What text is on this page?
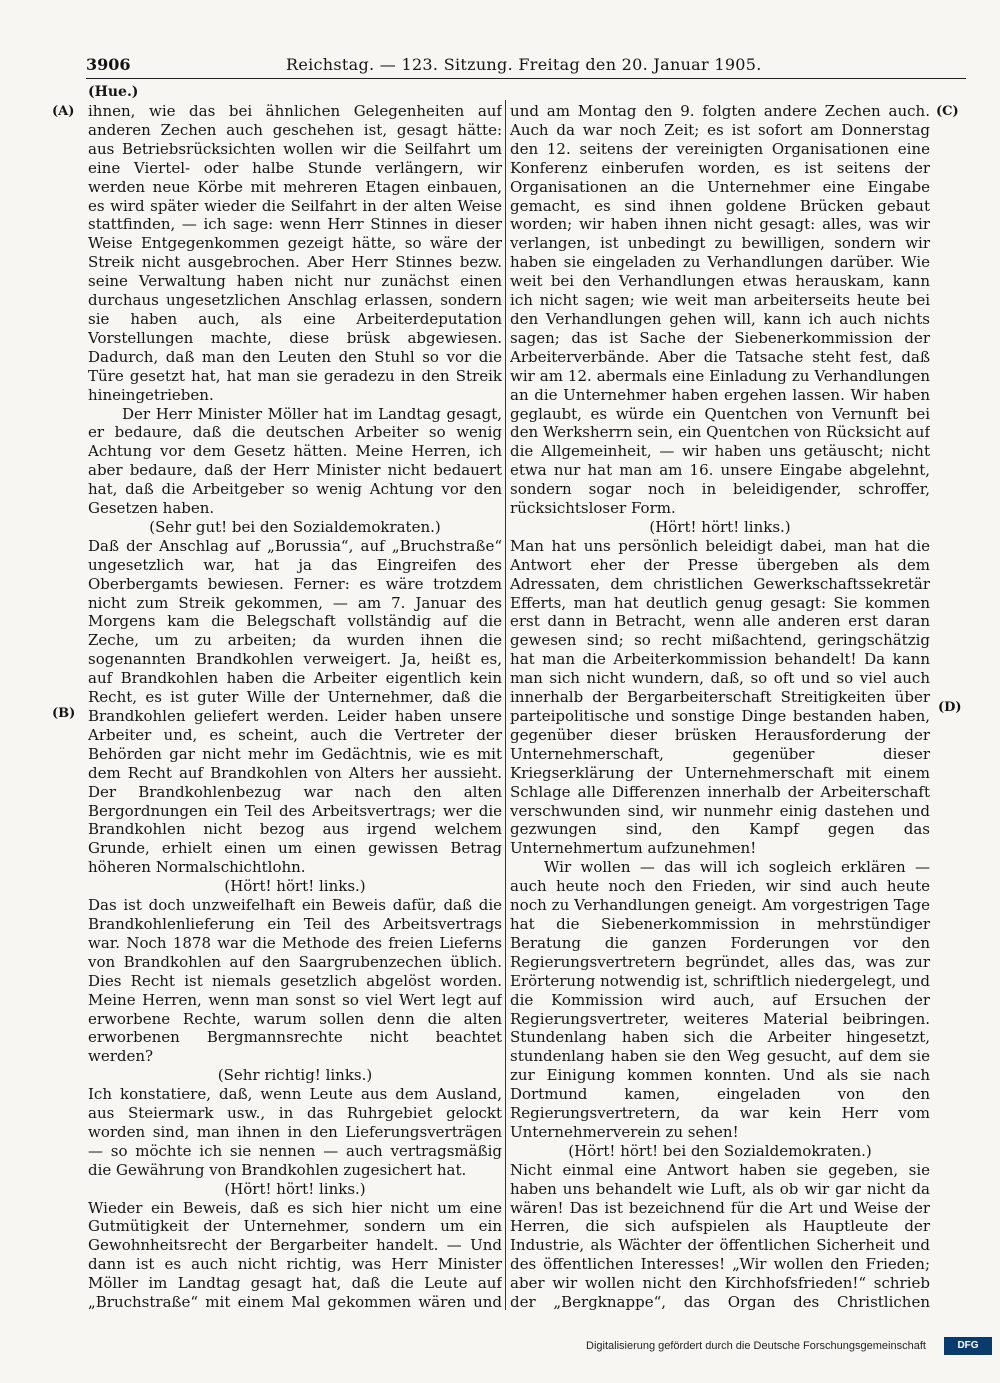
3906	Reichstag. — 123. Sitzung. Freitag den 20. Januar 1905.
(Hue.)
(A)
(B)
(C)
(D)

ihnen, wie das bei ähnlichen Gelegenheiten auf anderen Zechen auch geschehen ist, gesagt hätte: aus Betriebsrücksichten wollen wir die Seilfahrt um eine Viertel- oder halbe Stunde verlängern, wir werden neue Körbe mit mehreren Etagen einbauen, es wird später wieder die Seilfahrt in der alten Weise stattfinden, — ich sage: wenn Herr Stinnes in dieser Weise Entgegenkommen gezeigt hätte, so wäre der Streik nicht ausgebrochen. Aber Herr Stinnes bezw. seine Verwaltung haben nicht nur zunächst einen durchaus ungesetzlichen Anschlag erlassen, sondern sie haben auch, als eine Arbeiterdeputation Vorstellungen machte, diese brüsk abgewiesen. Dadurch, daß man den Leuten den Stuhl so vor die Türe gesetzt hat, hat man sie geradezu in den Streik hineingetrieben.

Der Herr Minister Möller hat im Landtag gesagt, er bedaure, daß die deutschen Arbeiter so wenig Achtung vor dem Gesetz hätten. Meine Herren, ich aber bedaure, daß der Herr Minister nicht bedauert hat, daß die Arbeitgeber so wenig Achtung vor den Gesetzen haben.

(Sehr gut! bei den Sozialdemokraten.)

Daß der Anschlag auf „Borussia“, auf „Bruchstraße“ ungesetzlich war, hat ja das Eingreifen des Oberbergamts bewiesen. Ferner: es wäre trotzdem nicht zum Streik gekommen, — am 7. Januar des Morgens kam die Belegschaft vollständig auf die Zeche, um zu arbeiten; da wurden ihnen die sogenannten Brandkohlen verweigert. Ja, heißt es, auf Brandkohlen haben die Arbeiter eigentlich kein Recht, es ist guter Wille der Unternehmer, daß die Brandkohlen geliefert werden. Leider haben unsere Arbeiter und, es scheint, auch die Vertreter der Behörden gar nicht mehr im Gedächtnis, wie es mit dem Recht auf Brandkohlen von Alters her aussieht. Der Brandkohlenbezug war nach den alten Bergordnungen ein Teil des Arbeitsvertrags; wer die Brandkohlen nicht bezog aus irgend welchem Grunde, erhielt einen um einen gewissen Betrag höheren Normalschichtlohn.

(Hört! hört! links.)

Das ist doch unzweifelhaft ein Beweis dafür, daß die Brandkohlenlieferung ein Teil des Arbeitsvertrags war. Noch 1878 war die Methode des freien Lieferns von Brandkohlen auf den Saargrubenzechen üblich. Dies Recht ist niemals gesetzlich abgelöst worden. Meine Herren, wenn man sonst so viel Wert legt auf erworbene Rechte, warum sollen denn die alten erworbenen Bergmannsrechte nicht beachtet werden?

(Sehr richtig! links.)

Ich konstatiere, daß, wenn Leute aus dem Ausland, aus Steiermark usw., in das Ruhrgebiet gelockt worden sind, man ihnen in den Lieferungsverträgen — so möchte ich sie nennen — auch vertragsmäßig die Gewährung von Brandkohlen zugesichert hat.

(Hört! hört! links.)

Wieder ein Beweis, daß es sich hier nicht um eine Gutmütigkeit der Unternehmer, sondern um ein Gewohnheitsrecht der Bergarbeiter handelt. — Und dann ist es auch nicht richtig, was Herr Minister Möller im Landtag gesagt hat, daß die Leute auf „Bruchstraße“ mit einem Mal gekommen wären und

und am Montag den 9. folgten andere Zechen auch. Auch da war noch Zeit; es ist sofort am Donnerstag den 12. seitens der vereinigten Organisationen eine Konferenz einberufen worden, es ist seitens der Organisationen an die Unternehmer eine Eingabe gemacht, es sind ihnen goldene Brücken gebaut worden; wir haben ihnen nicht gesagt: alles, was wir verlangen, ist unbedingt zu bewilligen, sondern wir haben sie eingeladen zu Verhandlungen darüber. Wie weit bei den Verhandlungen etwas herauskam, kann ich nicht sagen; wie weit man arbeiterseits heute bei den Verhandlungen gehen will, kann ich auch nichts sagen; das ist Sache der Siebenerkommission der Arbeiterverbände. Aber die Tatsache steht fest, daß wir am 12. abermals eine Einladung zu Verhandlungen an die Unternehmer haben ergehen lassen. Wir haben geglaubt, es würde ein Quentchen von Vernunft bei den Werksherrn sein, ein Quentchen von Rücksicht auf die Allgemeinheit, — wir haben uns getäuscht; nicht etwa nur hat man am 16. unsere Eingabe abgelehnt, sondern sogar noch in beleidigender, schroffer, rücksichtsloser Form.

(Hört! hört! links.)

Man hat uns persönlich beleidigt dabei, man hat die Antwort eher der Presse übergeben als dem Adressaten, dem christlichen Gewerkschaftssekretär Efferts, man hat deutlich genug gesagt: Sie kommen erst dann in Betracht, wenn alle anderen erst daran gewesen sind; so recht mißachtend, geringschätzig hat man die Arbeiterkommission behandelt! Da kann man sich nicht wundern, daß, so oft und so viel auch innerhalb der Bergarbeiterschaft Streitigkeiten über parteipolitische und sonstige Dinge bestanden haben, gegenüber dieser brüsken Herausforderung der Unternehmerschaft, gegenüber dieser Kriegserklärung der Unternehmerschaft mit einem Schlage alle Differenzen innerhalb der Arbeiterschaft verschwunden sind, wir nunmehr einig dastehen und gezwungen sind, den Kampf gegen das Unternehmertum aufzunehmen!

Wir wollen — das will ich sogleich erklären — auch heute noch den Frieden, wir sind auch heute noch zu Verhandlungen geneigt. Am vorgestrigen Tage hat die Siebenerkommission in mehrstündiger Beratung die ganzen Forderungen vor den Regierungsvertretern begründet, alles das, was zur Erörterung notwendig ist, schriftlich niedergelegt, und die Kommission wird auch, auf Ersuchen der Regierungsvertreter, weiteres Material beibringen. Stundenlang haben sich die Arbeiter hingesetzt, stundenlang haben sie den Weg gesucht, auf dem sie zur Einigung kommen konnten. Und als sie nach Dortmund kamen, eingeladen von den Regierungsvertretern, da war kein Herr vom Unternehmerverein zu sehen!

(Hört! hört! bei den Sozialdemokraten.)

Nicht einmal eine Antwort haben sie gegeben, sie haben uns behandelt wie Luft, als ob wir gar nicht da wären! Das ist bezeichnend für die Art und Weise der Herren, die sich aufspielen als Hauptleute der Industrie, als Wächter der öffentlichen Sicherheit und des öffentlichen Interesses! „Wir wollen den Frieden; aber wir wollen nicht den Kirchhofsfrieden!“ schrieb der „Bergknappe“, das Organ des Christlichen

Digitalisierung gefördert durch die Deutsche Forschungsgemeinschaft	DFG
